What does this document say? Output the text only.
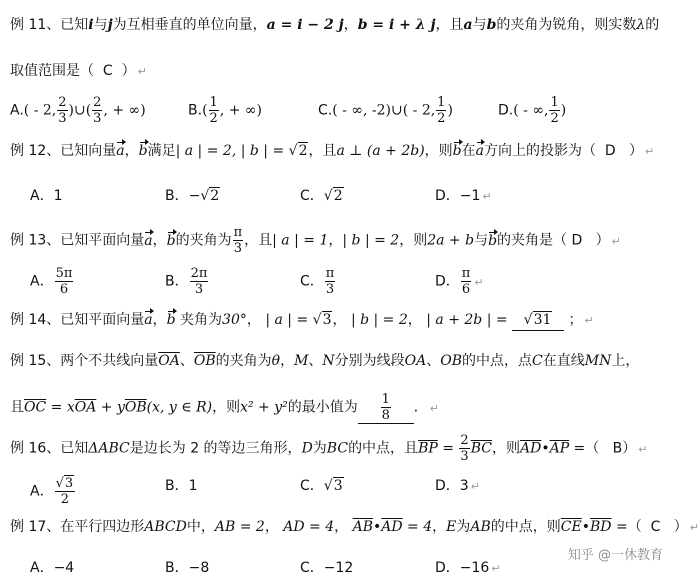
例 11、已知i与j为互相垂直的单位向量，a = i − 2 j，b = i + λ j，且a与b的夹角为锐角，则实数λ的
取值范围是（ C ） ↵
A.( - 2, $\frac{2}{3}$ )∪( $\frac{2}{3}$ , + ∞)	$B.( \frac{1}{2}$ , + ∞)	C.( - ∞, -2)∪( - 2, $\frac{1}{2}$ )	D.( - ∞, $\frac{1}{2}$ )
例 12、已知向量a，b满足| a | = 2, | b | = √2，且a ⊥ (a + 2b)，则b在a方向上的投影为（ D ） ↵
A．1	B．−√2	C．√2	D．−1 ↵
例 13、已知平面向量a，b的夹角为 $\frac{\pi}{3}$ ，且| a | = 1，| b | = 2，则2a + b与b的夹角是（ D ） ↵
A． $\frac{5\pi}{6}$	B． $\frac{2\pi}{3}$	C． $\frac{\pi}{3}$	D． $\frac{\pi}{6}$ ↵
例 14、已知平面向量a，b 夹角为30°， | a | = √3， | b | = 2， | a + 2b | = √31 ； ↵
例 15、两个不共线向量$\overline{OA}$、$\overline{OB}$的夹角为θ，M、N分别为线段OA、OB的中点，点C在直线MN上，
且$\overline{OC} = x\overline{OA} + y\overline{OB}(x$, y ∈ R)，则x² + y²的最小值为 $\frac{1}{8}$ ． ↵
例 16、已知ΔABC是边长为 2 的等边三角形，D为BC的中点，且$\overline{BP} = \frac{2}{3} \overline{BC}$，则$\overline{AD}•\overline{AP}$ =（ B） ↵
A． $\frac{√3}{2}$	B．1	C．√3	D．3 ↵
例 17、在平行四边形ABCD中，AB = 2， AD = 4， $\overline{AB}•\overline{AD} = 4$，E为AB的中点，则$\overline{CE}•\overline{BD}$ =（ C ） ↵
A．−4	B．−8	C．−12	D．−16 ↵
知乎 @一休教育
